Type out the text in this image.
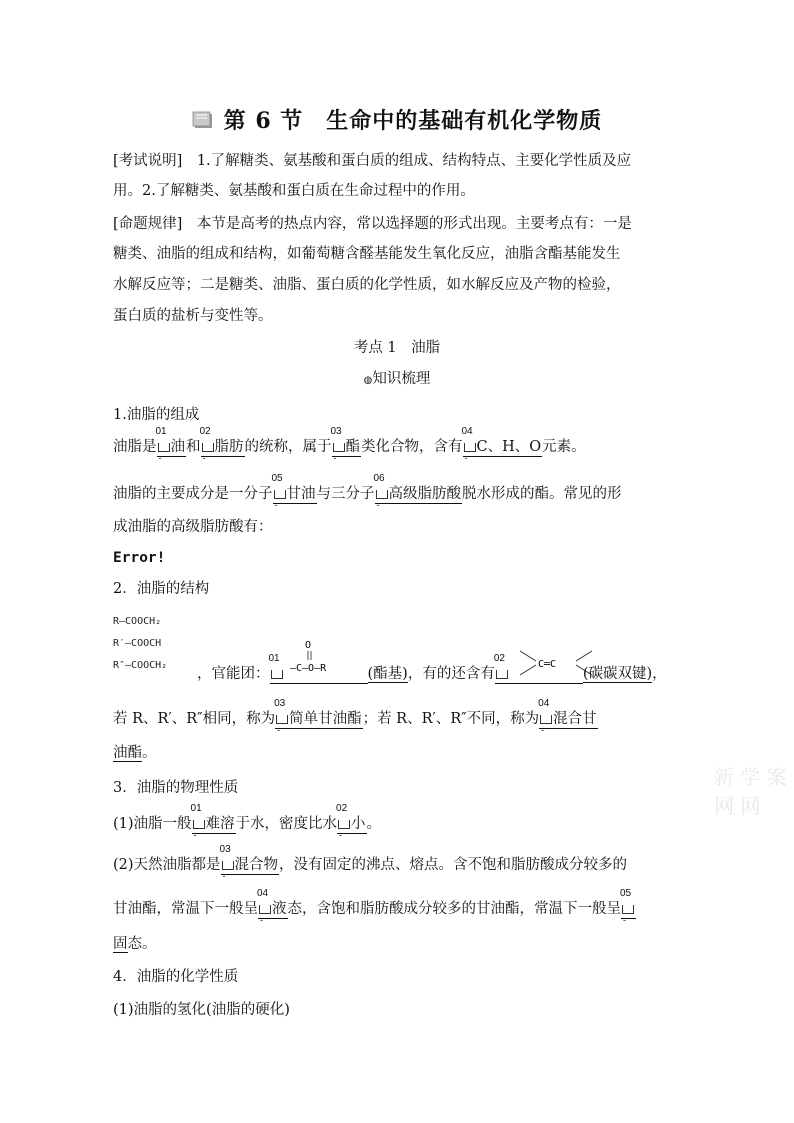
第 6 节　生命中的基础有机化学物质
[考试说明]　1.了解糖类、氨基酸和蛋白质的组成、结构特点、主要化学性质及应
用。2.了解糖类、氨基酸和蛋白质在生命过程中的作用。
[命题规律]　本节是高考的热点内容，常以选择题的形式出现。主要考点有：一是
糖类、油脂的组成和结构，如葡萄糖含醛基能发生氧化反应，油脂含酯基能发生
水解反应等；二是糖类、油脂、蛋白质的化学性质，如水解反应及产物的检验，
蛋白质的盐析与变性等。
考点 1　油脂
◍知识梳理
1.油脂的组成
油脂是
01
油
-
和
02
脂肪
-
的统称，属于
03
酯
-
类化合物，含有
04
C、H、O
-
元素。
油脂的主要成分是一分子
05
甘油
-
与三分子
06
高级脂肪酸
-
脱水形成的酯。常见的形
成油脂的高级脂肪酸有：
Error!
2．油脂的结构
R—COOCH₂
R′—COOCH
R″—COOCH₂
，官能团：
01
(酯基)，有的还含有
02
(碳碳双键)，
O
—C—O—R	C═C
若 R、R′、R″相同，称为
03
简单甘油酯
-
；若 R、R′、R″不同，称为
04
混合甘
-
油酯。
新 学 案 网 网
3．油脂的物理性质
(1)油脂一般
01
难溶
-
于水，密度比水
02
小
-
。
(2)天然油脂都是
03
混合物
-
，没有固定的沸点、熔点。含不饱和脂肪酸成分较多的
甘油酯，常温下一般呈
04
液
-
态，含饱和脂肪酸成分较多的甘油酯，常温下一般呈
05
-
固态。
4．油脂的化学性质
(1)油脂的氢化(油脂的硬化)
